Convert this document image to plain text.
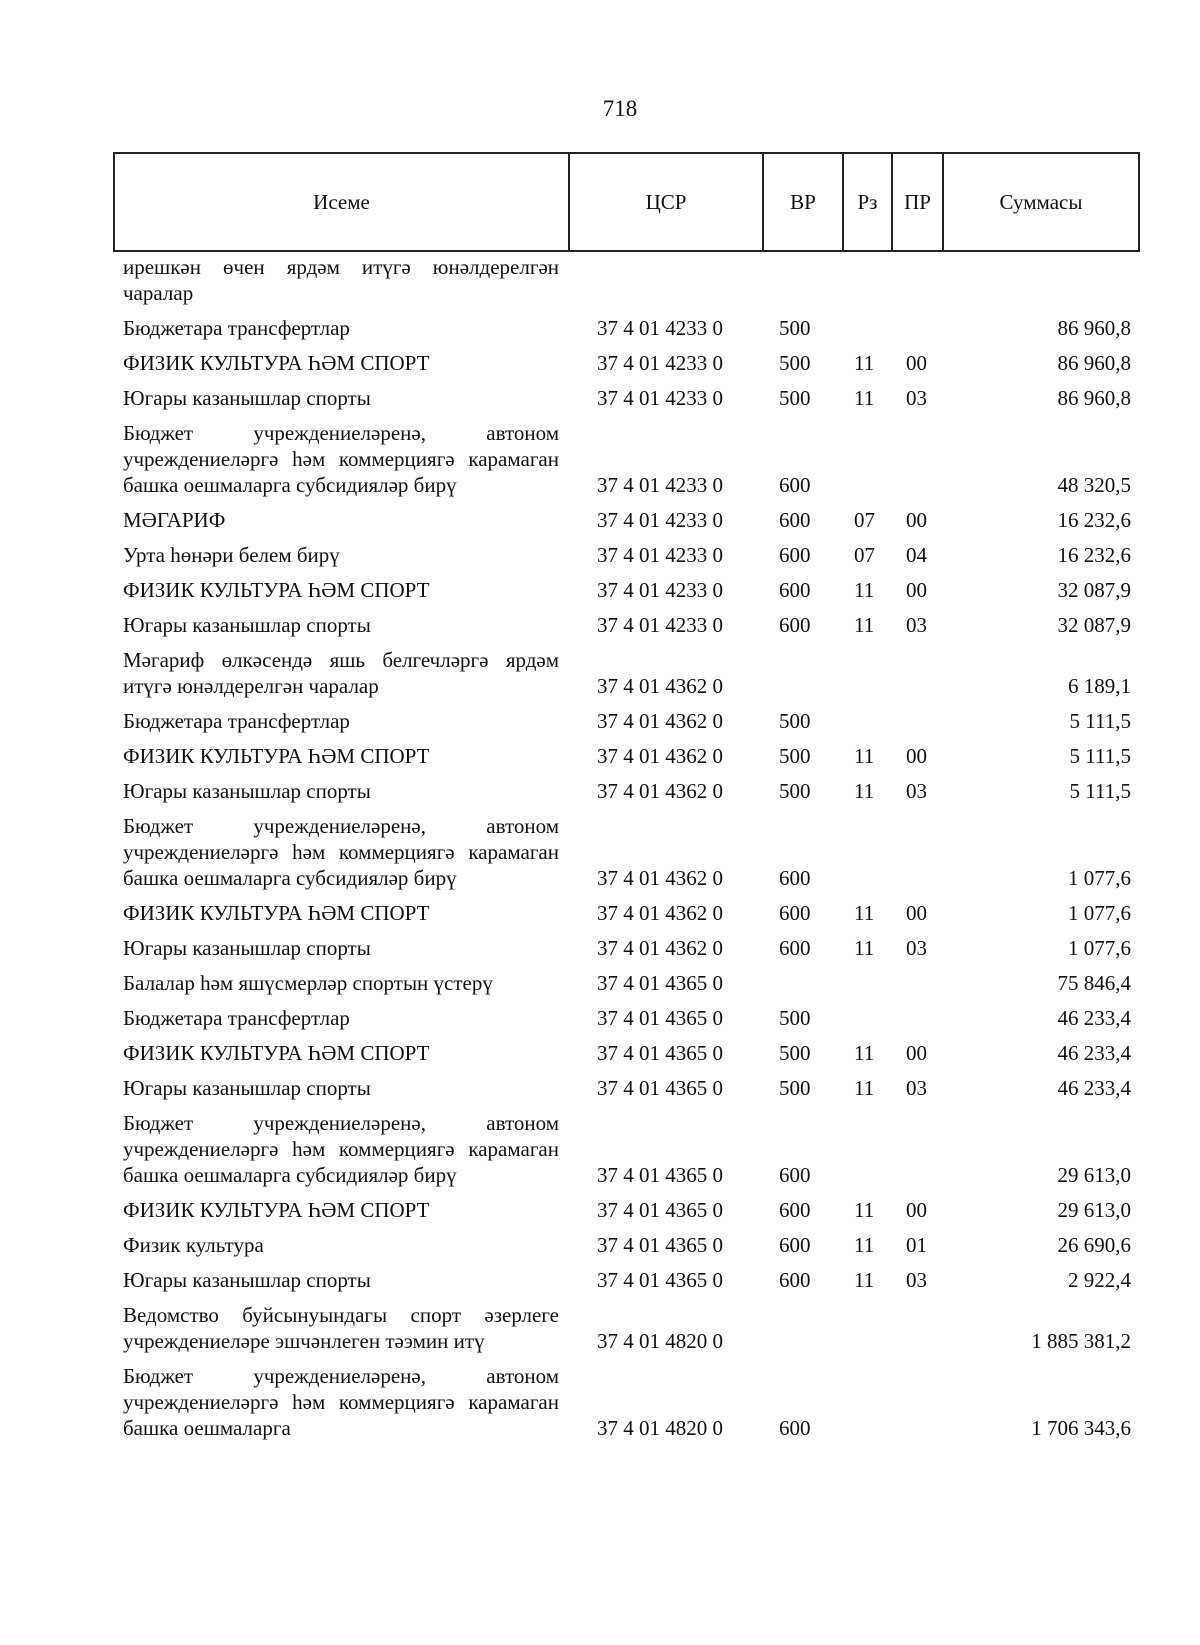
718
Исеме	ЦСР	ВР	Рз	ПР	Суммасы
ирешкән өчен ярдәм итүгә юнәлдерелгән чаралар					
Бюджетара трансфертлар	37 4 01 4233 0	500			86 960,8
ФИЗИК КУЛЬТУРА ҺӘМ СПОРТ	37 4 01 4233 0	500	11	00	86 960,8
Югары казанышлар спорты	37 4 01 4233 0	500	11	03	86 960,8
Бюджет учреждениеләренә, автоном учреждениеләргә һәм коммерциягә карамаган башка оешмаларга субсидияләр бирү	37 4 01 4233 0	600			48 320,5
МӘГАРИФ	37 4 01 4233 0	600	07	00	16 232,6
Урта һөнәри белем бирү	37 4 01 4233 0	600	07	04	16 232,6
ФИЗИК КУЛЬТУРА ҺӘМ СПОРТ	37 4 01 4233 0	600	11	00	32 087,9
Югары казанышлар спорты	37 4 01 4233 0	600	11	03	32 087,9
Мәгариф өлкәсендә яшь белгечләргә ярдәм итүгә юнәлдерелгән чаралар	37 4 01 4362 0				6 189,1
Бюджетара трансфертлар	37 4 01 4362 0	500			5 111,5
ФИЗИК КУЛЬТУРА ҺӘМ СПОРТ	37 4 01 4362 0	500	11	00	5 111,5
Югары казанышлар спорты	37 4 01 4362 0	500	11	03	5 111,5
Бюджет учреждениеләренә, автоном учреждениеләргә һәм коммерциягә карамаган башка оешмаларга субсидияләр бирү	37 4 01 4362 0	600			1 077,6
ФИЗИК КУЛЬТУРА ҺӘМ СПОРТ	37 4 01 4362 0	600	11	00	1 077,6
Югары казанышлар спорты	37 4 01 4362 0	600	11	03	1 077,6
Балалар һәм яшүсмерләр спортын үстерү	37 4 01 4365 0				75 846,4
Бюджетара трансфертлар	37 4 01 4365 0	500			46 233,4
ФИЗИК КУЛЬТУРА ҺӘМ СПОРТ	37 4 01 4365 0	500	11	00	46 233,4
Югары казанышлар спорты	37 4 01 4365 0	500	11	03	46 233,4
Бюджет учреждениеләренә, автоном учреждениеләргә һәм коммерциягә карамаган башка оешмаларга субсидияләр бирү	37 4 01 4365 0	600			29 613,0
ФИЗИК КУЛЬТУРА ҺӘМ СПОРТ	37 4 01 4365 0	600	11	00	29 613,0
Физик культура	37 4 01 4365 0	600	11	01	26 690,6
Югары казанышлар спорты	37 4 01 4365 0	600	11	03	2 922,4
Ведомство буйсынуындагы спорт әзерлеге учреждениеләре эшчәнлеген тәэмин итү	37 4 01 4820 0				1 885 381,2
Бюджет учреждениеләренә, автоном учреждениеләргә һәм коммерциягә карамаган башка оешмаларга	37 4 01 4820 0	600			1 706 343,6
